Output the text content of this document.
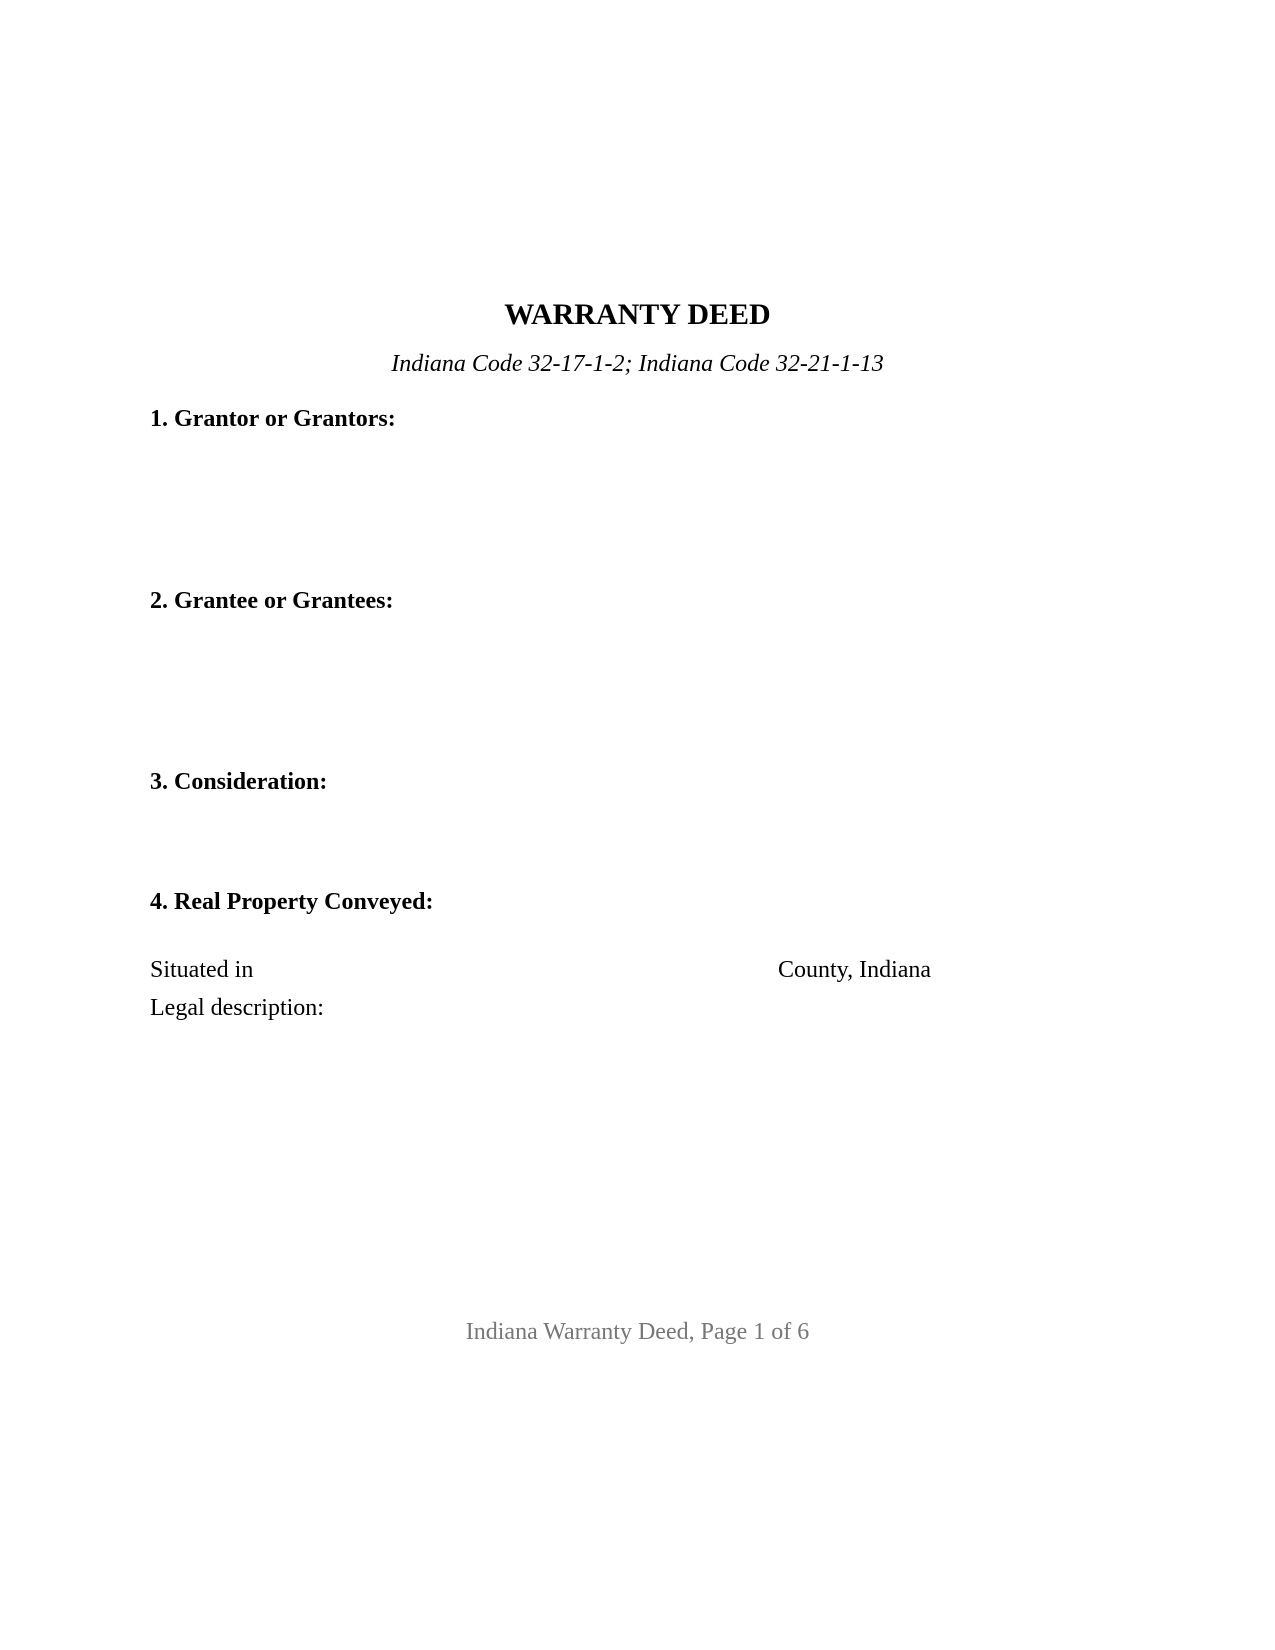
WARRANTY DEED

Indiana Code 32-17-1-2; Indiana Code 32-21-1-13

1. Grantor or Grantors:

2. Grantee or Grantees:

3. Consideration:

4. Real Property Conveyed:

Situated in	County, Indiana

Legal description:

Indiana Warranty Deed, Page 1 of 6
